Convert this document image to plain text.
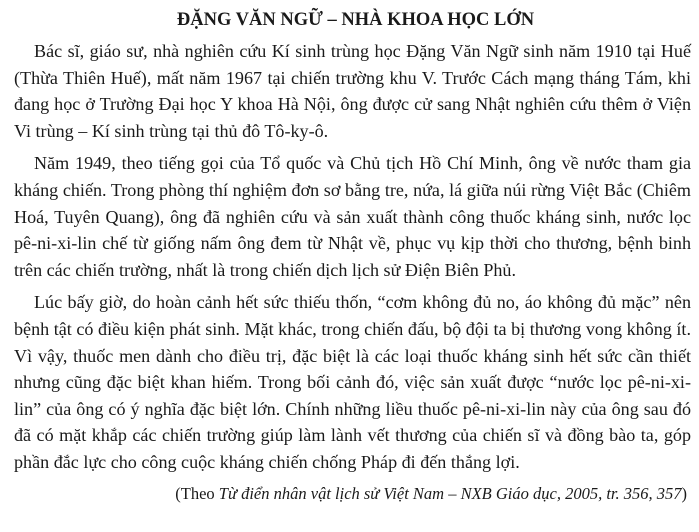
ĐẶNG VĂN NGỮ – NHÀ KHOA HỌC LỚN

Bác sĩ, giáo sư, nhà nghiên cứu Kí sinh trùng học Đặng Văn Ngữ sinh năm 1910 tại Huế (Thừa Thiên Huế), mất năm 1967 tại chiến trường khu V. Trước Cách mạng tháng Tám, khi đang học ở Trường Đại học Y khoa Hà Nội, ông được cử sang Nhật nghiên cứu thêm ở Viện Vi trùng – Kí sinh trùng tại thủ đô Tô-ky-ô.

Năm 1949, theo tiếng gọi của Tổ quốc và Chủ tịch Hồ Chí Minh, ông về nước tham gia kháng chiến. Trong phòng thí nghiệm đơn sơ bằng tre, nứa, lá giữa núi rừng Việt Bắc (Chiêm Hoá, Tuyên Quang), ông đã nghiên cứu và sản xuất thành công thuốc kháng sinh, nước lọc pê-ni-xi-lin chế từ giống nấm ông đem từ Nhật về, phục vụ kịp thời cho thương, bệnh binh trên các chiến trường, nhất là trong chiến dịch lịch sử Điện Biên Phủ.

Lúc bấy giờ, do hoàn cảnh hết sức thiếu thốn, “cơm không đủ no, áo không đủ mặc” nên bệnh tật có điều kiện phát sinh. Mặt khác, trong chiến đấu, bộ đội ta bị thương vong không ít. Vì vậy, thuốc men dành cho điều trị, đặc biệt là các loại thuốc kháng sinh hết sức cần thiết nhưng cũng đặc biệt khan hiếm. Trong bối cảnh đó, việc sản xuất được “nước lọc pê-ni-xi-lin” của ông có ý nghĩa đặc biệt lớn. Chính những liều thuốc pê-ni-xi-lin này của ông sau đó đã có mặt khắp các chiến trường giúp làm lành vết thương của chiến sĩ và đồng bào ta, góp phần đắc lực cho công cuộc kháng chiến chống Pháp đi đến thắng lợi.

(Theo Từ điển nhân vật lịch sử Việt Nam – NXB Giáo dục, 2005, tr. 356, 357)
